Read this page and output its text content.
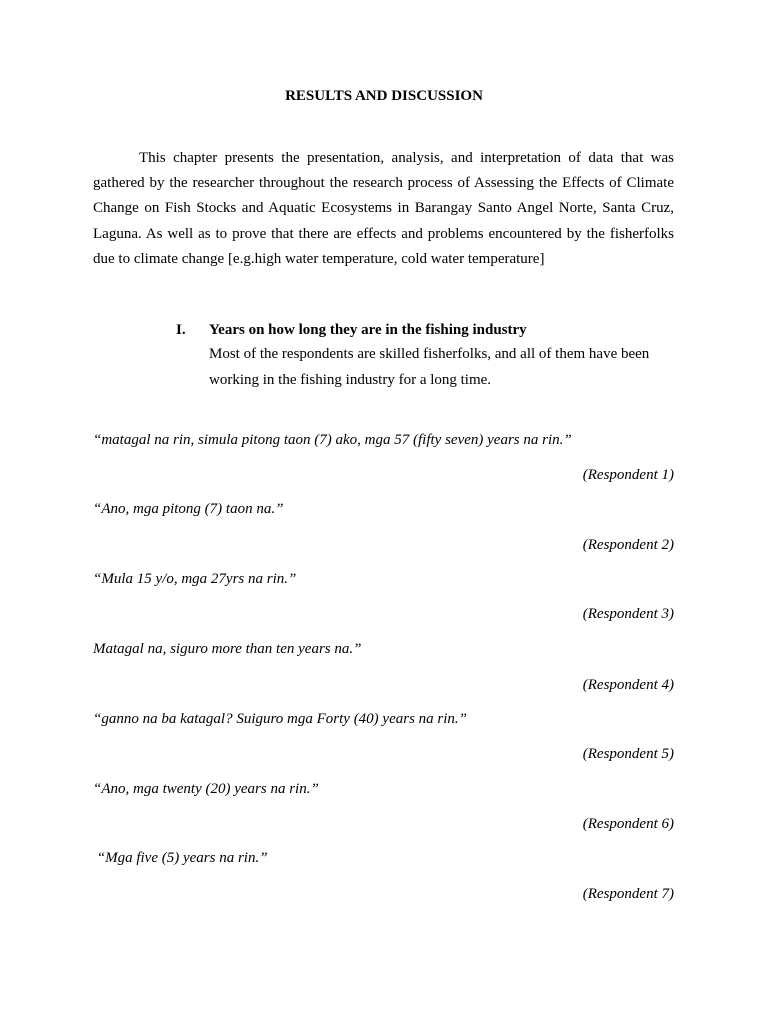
RESULTS AND DISCUSSION

This chapter presents the presentation, analysis, and interpretation of data that was gathered by the researcher throughout the research process of Assessing the Effects of Climate Change on Fish Stocks and Aquatic Ecosystems in Barangay Santo Angel Norte, Santa Cruz, Laguna. As well as to prove that there are effects and problems encountered by the fisherfolks due to climate change [e.g.high water temperature, cold water temperature]

I. Years on how long they are in the fishing industry

Most of the respondents are skilled fisherfolks, and all of them have been working in the fishing industry for a long time.

“matagal na rin, simula pitong taon (7) ako, mga 57 (fifty seven) years na rin.”

(Respondent 1)

“Ano, mga pitong (7) taon na.”

(Respondent 2)

“Mula 15 y/o, mga 27yrs na rin.”

(Respondent 3)

Matagal na, siguro more than ten years na.”

(Respondent 4)

“ganno na ba katagal? Suiguro mga Forty (40) years na rin.”

(Respondent 5)

“Ano, mga twenty (20) years na rin.”

(Respondent 6)

“Mga five (5) years na rin.”

(Respondent 7)
